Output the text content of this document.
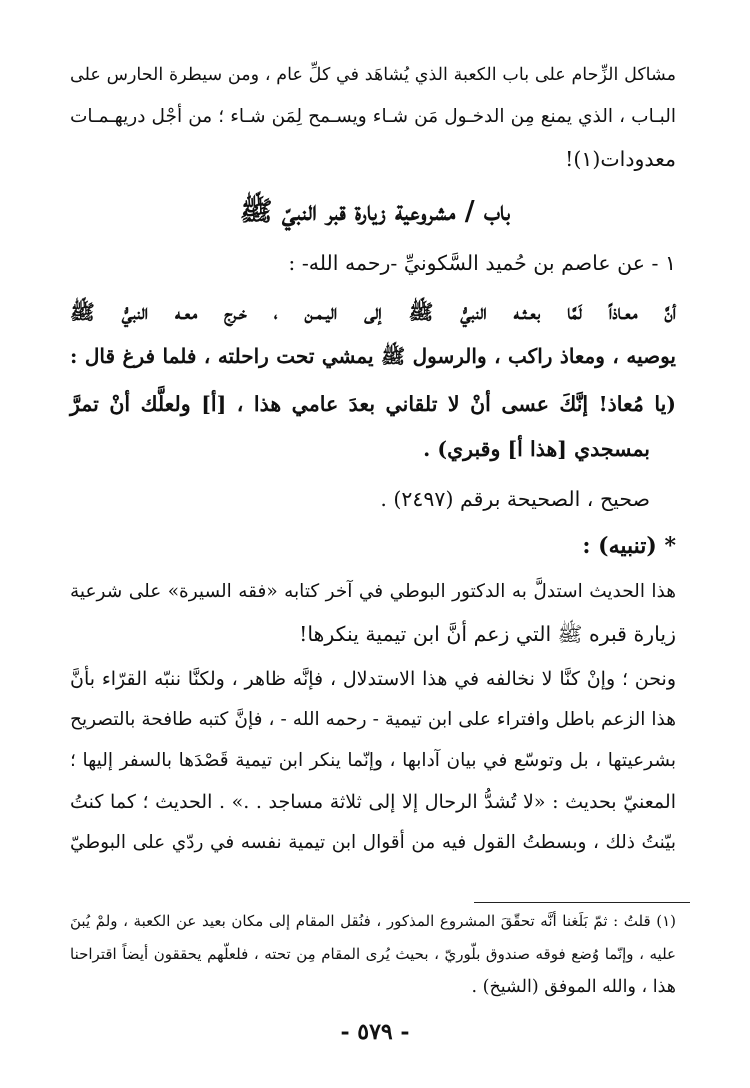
مشاكل الزِّحام على باب الكعبة الذي يُشاهَد في كلِّ عام ، ومن سيطرة الحارس على
البـاب ، الذي يمنع مِن الدخـول مَن شـاء ويسـمح لِمَن شـاء ؛ من أجْل دريهـمـات
معدودات(١)!
باب / مشروعية زيارة قبر النبيّ ﷺ
١ - عن عاصم بن حُميد السَّكونيِّ -رحمه الله- :
أنَّ معـاذاً لَمَّا بعـثـه النبيُّ ﷺ إلى اليـمـن ، خـرج معـه النبيُّ ﷺ
يوصيه ، ومعاذ راكب ، والرسول ﷺ يمشي تحت راحلته ، فلما فرغ قال :
(يا مُعاذ! إنَّكَ عسى أنْ لا تلقاني بعدَ عامي هذا ، [أ] ولعلَّك أنْ تمرَّ
بمسجدي [هذا أ] وقبري) .
صحيح ، الصحيحة برقم (٢٤٩٧) .
* (تنبيه) :
هذا الحديث استدلَّ به الدكتور البوطي في آخر كتابه «فقه السيرة» على شرعية
زيارة قبره ﷺ التي زعم أنَّ ابن تيمية ينكرها!
ونحن ؛ وإنْ كنَّا لا نخالفه في هذا الاستدلال ، فإنَّه ظاهر ، ولكنَّا ننبّه القرّاء بأنَّ
هذا الزعم باطل وافتراء على ابن تيمية - رحمه الله - ، فإنَّ كتبه طافحة بالتصريح
بشرعيتها ، بل وتوسّع في بيان آدابها ، وإنّما ينكر ابن تيمية قَصْدَها بالسفر إليها ؛
المعنيّ بحديث : «لا تُشدُّ الرحال إلا إلى ثلاثة مساجد . .» . الحديث ؛ كما كنتُ
بيّنتُ ذلك ، وبسطتُ القول فيه من أقوال ابن تيمية نفسه في ردّي على البوطيّ
(١) قلتُ : ثمّ بَلَغنا أنَّه تحقّقَ المشروع المذكور ، فنُقل المقام إلى مكان بعيد عن الكعبة ، ولمْ يُبنَ
عليه ، وإنّما وُضع فوقه صندوق بلّوريّ ، بحيث يُرى المقام مِن تحته ، فلعلّهم يحققون أيضاً اقتراحنا
هذا ، والله الموفق (الشيخ) .
- ٥٧٩ -
